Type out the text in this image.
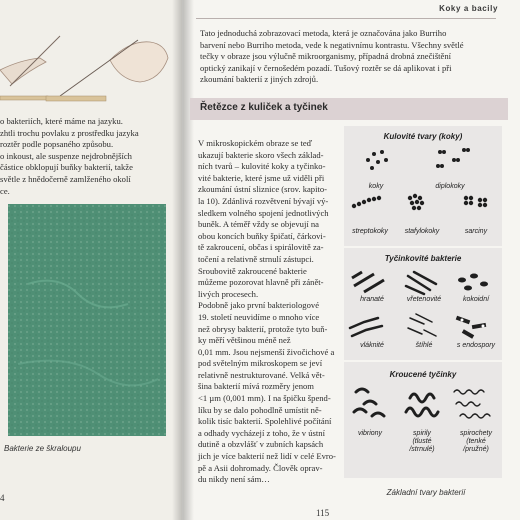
o bakteriích, které máme na jazyku.
zhtli trochu povlaku z prostředku jazyka
roztěr podle popsaného způsobu.
o inkoust, ale suspenze nejdrobnějších
částice obklopují buňky bakterií, takže
světle z hnědočerně zamlženého okolí
ce.
Bakterie ze škraloupu
4
Koky a bacily
Tato jednoduchá zobrazovací metoda, která je označována jako Burriho
barvení nebo Burriho metoda, vede k negativnímu kontrastu. Všechny světlé
tečky v obraze jsou výlučně mikroorganismy, případná drobná znečištění
optický zanikají v černošedém pozadí. Tušový roztěr se dá aplikovat i při
zkoumání bakterií z jiných zdrojů.
Řetězce z kuliček a tyčinek
V mikroskopickém obraze se teď
ukazují bakterie skoro všech základ-
ních tvarů – kulovité koky a tyčinko-
vité bakterie, které jsme už viděli při
zkoumání ústní sliznice (srov. kapito-
la 10). Zdánlivá rozvětvení bývají vý-
sledkem volného spojení jednotlivých
buněk. A téměř vždy se objevují na
obou koncích buňky špičatí, čárkovi-
tě zakroucení, občas i spirálovitě za-
točení a relativně strnulí zástupci.
Sroubovitě zakroucené bakterie
můžeme pozorovat hlavně při zánět-
livých procesech.
Podobně jako první bakteriologové
19. století neuvidíme o mnoho více
než obrysy bakterií, protože tyto buň-
ky měří většinou méně než
0,01 mm. Jsou nejsmenší živočichové a
pod světelným mikroskopem se jeví
relativně nestrukturované. Velká vět-
šina bakterií mívá rozměry jenom
<1 µm (0,001 mm). I na špičku špend-
líku by se dalo pohodlně umístit ně-
kolik tisíc bakterií. Spolehlivé počítání
a odhady vycházejí z toho, že v ústní
dutině a obzvlášť v zubních kapsách
jich je více bakterií než lidí v celé Evro-
pě a Asii dohromady. Člověk oprav-
du nikdy není sám…
Kulovité tvary (koky)
koky	diplokoky
streptokoky	stafylokoky	sarciny
Tyčinkovité bakterie
hranaté	vřetenovité	kokoidní
vláknité	štíhlé	s endospory
Kroucené tyčinky
vibriony	spirily
(tlusté
/strnulé)
spirochety
(tenké
/pružné)
Základní tvary bakterií
115
